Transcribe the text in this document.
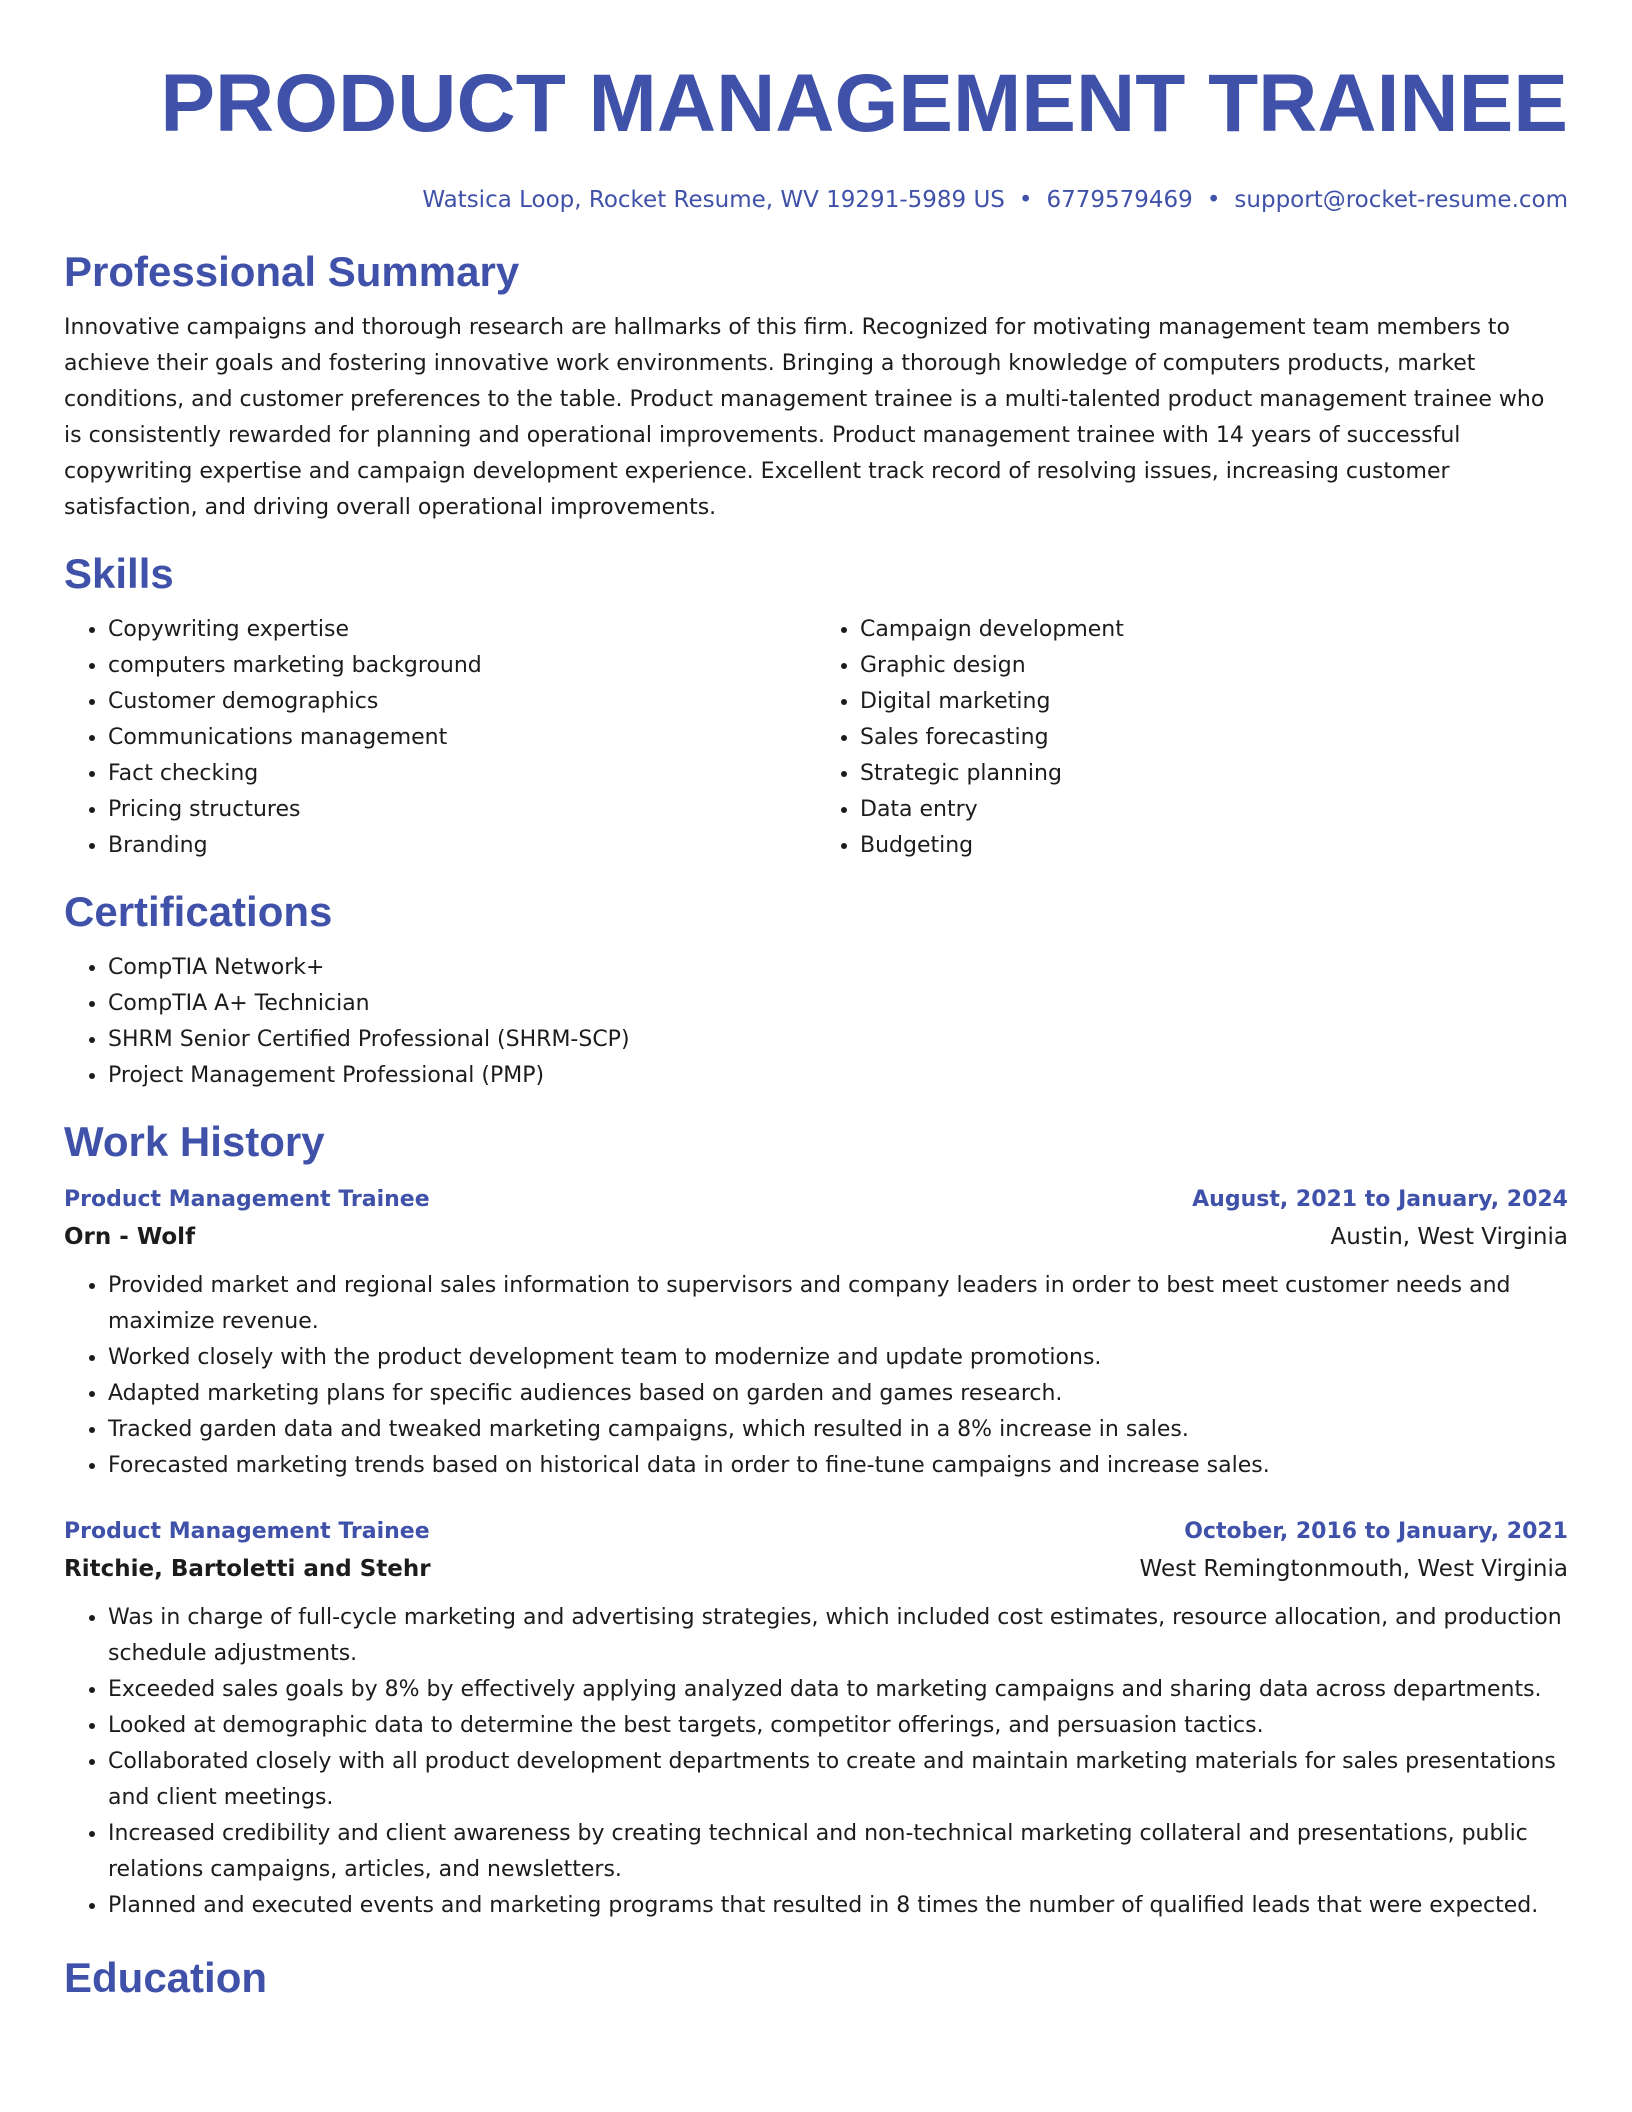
PRODUCT MANAGEMENT TRAINEE
Watsica Loop, Rocket Resume, WV 19291-5989 US • 6779579469 • support@rocket-resume.com
Professional Summary

Innovative campaigns and thorough research are hallmarks of this firm. Recognized for motivating management team members to achieve their goals and fostering innovative work environments. Bringing a thorough knowledge of computers products, market conditions, and customer preferences to the table. Product management trainee is a multi-talented product management trainee who is consistently rewarded for planning and operational improvements. Product management trainee with 14 years of successful copywriting expertise and campaign development experience. Excellent track record of resolving issues, increasing customer satisfaction, and driving overall operational improvements.

Skills
• Copywriting expertise
• computers marketing background
• Customer demographics
• Communications management
• Fact checking
• Pricing structures
• Branding
• Campaign development
• Graphic design
• Digital marketing
• Sales forecasting
• Strategic planning
• Data entry
• Budgeting
Certifications
• CompTIA Network+
• CompTIA A+ Technician
• SHRM Senior Certified Professional (SHRM-SCP)
• Project Management Professional (PMP)
Work History
Product Management Trainee	August, 2021 to January, 2024
Orn - Wolf	Austin, West Virginia
• Provided market and regional sales information to supervisors and company leaders in order to best meet customer needs and maximize revenue.
• Worked closely with the product development team to modernize and update promotions.
• Adapted marketing plans for specific audiences based on garden and games research.
• Tracked garden data and tweaked marketing campaigns, which resulted in a 8% increase in sales.
• Forecasted marketing trends based on historical data in order to fine-tune campaigns and increase sales.
Product Management Trainee	October, 2016 to January, 2021
Ritchie, Bartoletti and Stehr	West Remingtonmouth, West Virginia
• Was in charge of full-cycle marketing and advertising strategies, which included cost estimates, resource allocation, and production schedule adjustments.
• Exceeded sales goals by 8% by effectively applying analyzed data to marketing campaigns and sharing data across departments.
• Looked at demographic data to determine the best targets, competitor offerings, and persuasion tactics.
• Collaborated closely with all product development departments to create and maintain marketing materials for sales presentations and client meetings.
• Increased credibility and client awareness by creating technical and non-technical marketing collateral and presentations, public relations campaigns, articles, and newsletters.
• Planned and executed events and marketing programs that resulted in 8 times the number of qualified leads that were expected.
Education
